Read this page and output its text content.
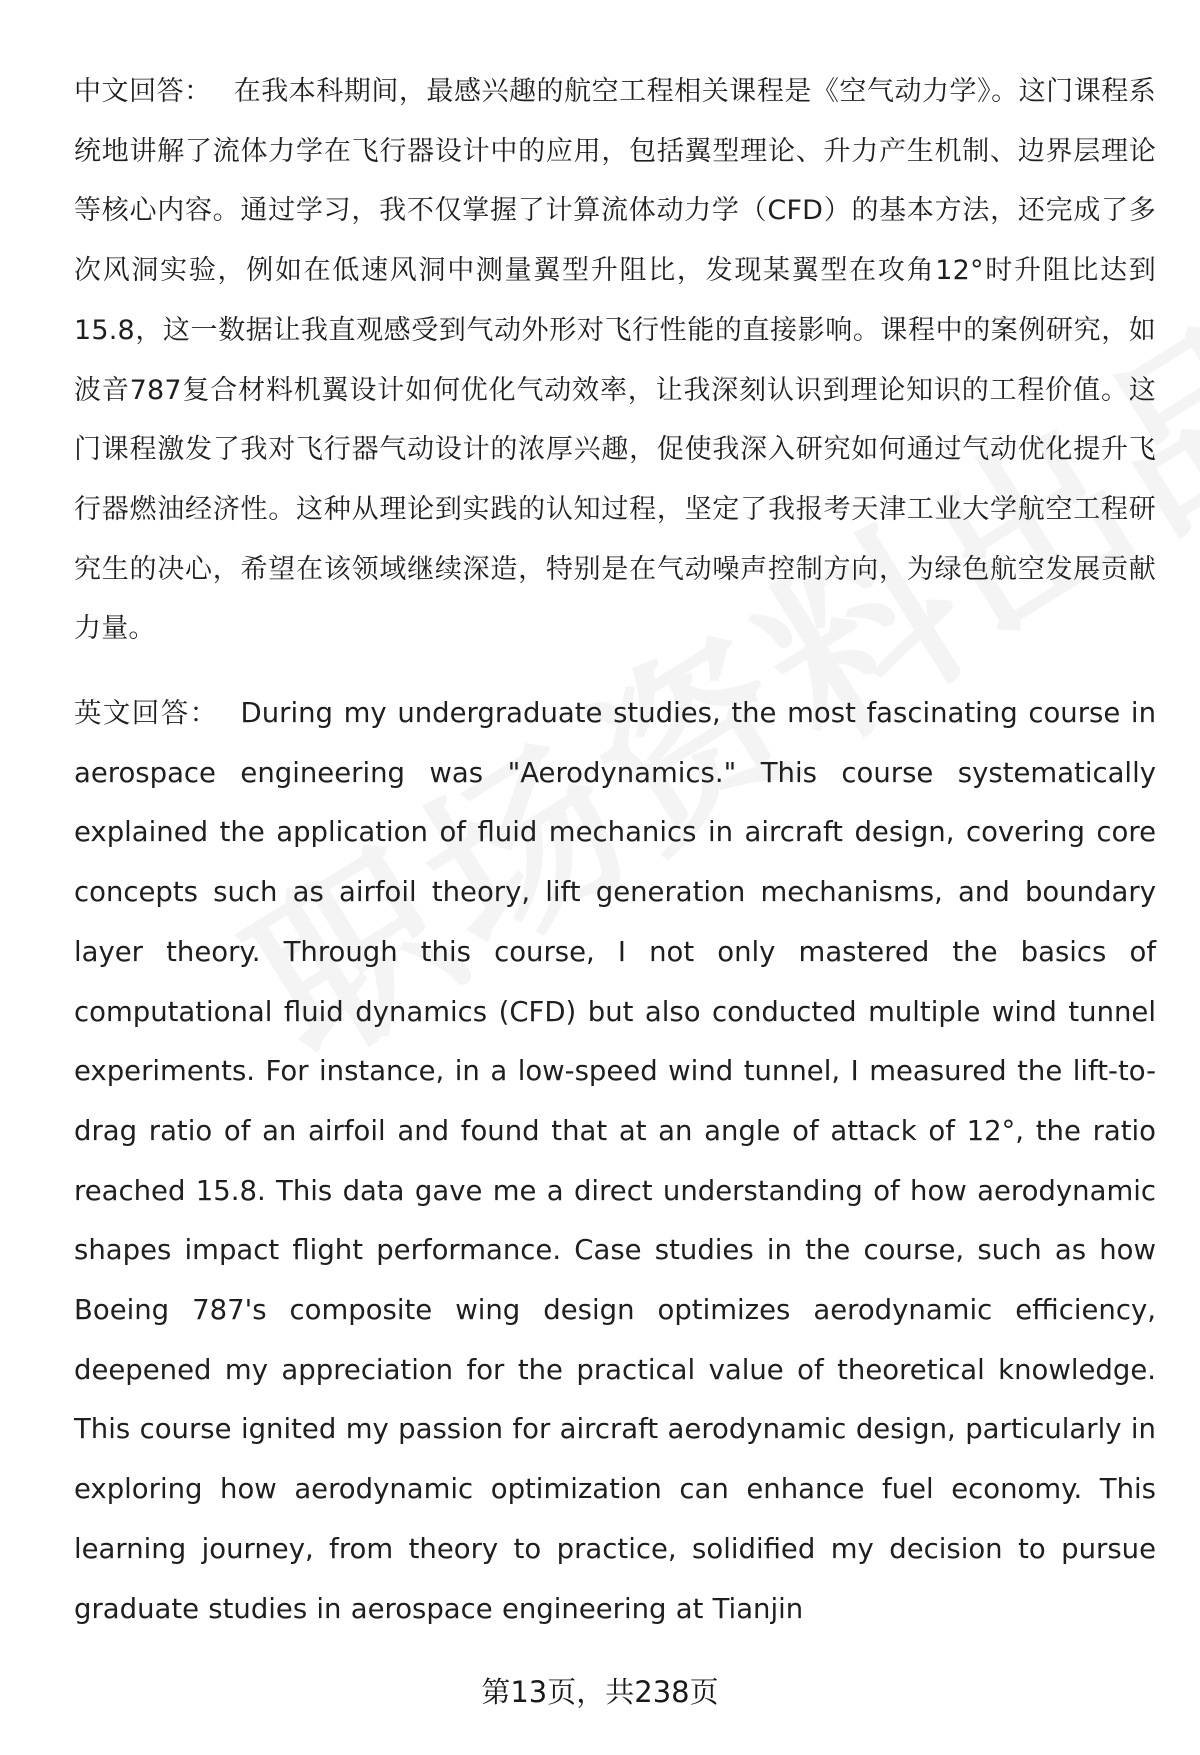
中文回答： 在我本科期间，最感兴趣的航空工程相关课程是《空气动力学》。这门课程系统地讲解了流体力学在飞行器设计中的应用，包括翼型理论、升力产生机制、边界层理论等核心内容。通过学习，我不仅掌握了计算流体动力学（CFD）的基本方法，还完成了多次风洞实验，例如在低速风洞中测量翼型升阻比，发现某翼型在攻角12°时升阻比达到15.8，这一数据让我直观感受到气动外形对飞行性能的直接影响。课程中的案例研究，如波音787复合材料机翼设计如何优化气动效率，让我深刻认识到理论知识的工程价值。这门课程激发了我对飞行器气动设计的浓厚兴趣，促使我深入研究如何通过气动优化提升飞行器燃油经济性。这种从理论到实践的认知过程，坚定了我报考天津工业大学航空工程研究生的决心，希望在该领域继续深造，特别是在气动噪声控制方向，为绿色航空发展贡献力量。

英文回答： During my undergraduate studies, the most fascinating course in aerospace engineering was "Aerodynamics." This course systematically explained the application of fluid mechanics in aircraft design, covering core concepts such as airfoil theory, lift generation mechanisms, and boundary layer theory. Through this course, I not only mastered the basics of computational fluid dynamics (CFD) but also conducted multiple wind tunnel experiments. For instance, in a low-speed wind tunnel, I measured the lift-to-drag ratio of an airfoil and found that at an angle of attack of 12°, the ratio reached 15.8. This data gave me a direct understanding of how aerodynamic shapes impact flight performance. Case studies in the course, such as how Boeing 787's composite wing design optimizes aerodynamic efficiency, deepened my appreciation for the practical value of theoretical knowledge. This course ignited my passion for aircraft aerodynamic design, particularly in exploring how aerodynamic optimization can enhance fuel economy. This learning journey, from theory to practice, solidified my decision to pursue graduate studies in aerospace engineering at Tianjin

第13页，共238页
